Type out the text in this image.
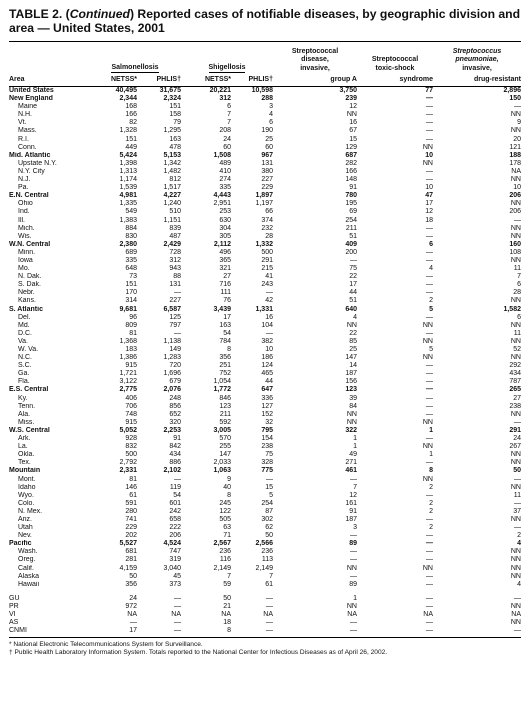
TABLE 2. (Continued) Reported cases of notifiable diseases, by geographic division and area — United States, 2001
					Streptococcal		Streptococcus
					disease,	Streptococcal	pneumoniae,
	Salmonellosis		Shigellosis		invasive,	toxic-shock	invasive,
Area	NETSS*	PHLIS†	NETSS*	PHLIS†	group A	syndrome	drug-resistant
United States	40,495	31,675	20,221	10,598	3,750	77	2,896
New England	2,344	2,324	312	288	239	—	150
Maine	168	151	6	3	12	—	—
N.H.	166	158	7	4	NN	—	NN
Vt.	82	79	7	6	16	—	9
Mass.	1,328	1,295	208	190	67	—	NN
R.I.	151	163	24	25	15	—	20
Conn.	449	478	60	60	129	NN	121
Mid. Atlantic	5,424	5,153	1,508	967	687	10	188
Upstate N.Y.	1,398	1,342	489	131	282	NN	178
N.Y. City	1,313	1,482	410	380	166	—	NA
N.J.	1,174	812	274	227	148	—	NN
Pa.	1,539	1,517	335	229	91	10	10
E.N. Central	4,981	4,227	4,443	1,897	780	47	206
Ohio	1,335	1,240	2,951	1,197	195	17	NN
Ind.	549	510	253	66	69	12	206
Ill.	1,383	1,151	630	374	254	18	—
Mich.	884	839	304	232	211	—	NN
Wis.	830	487	305	28	51	—	NN
W.N. Central	2,380	2,429	2,112	1,332	409	6	160
Minn.	689	728	496	500	200	—	108
Iowa	335	312	365	291	—	—	NN
Mo.	648	943	321	215	75	4	11
N. Dak.	73	88	27	41	22	—	7
S. Dak.	151	131	716	243	17	—	6
Nebr.	170	—	111	—	44	—	28
Kans.	314	227	76	42	51	2	NN
S. Atlantic	9,681	6,587	3,439	1,331	640	5	1,582
Del.	96	125	17	16	4	—	6
Md.	809	797	163	104	NN	NN	NN
D.C.	81	—	54	—	22	—	11
Va.	1,368	1,138	784	382	85	NN	NN
W. Va.	183	149	8	10	25	5	52
N.C.	1,386	1,283	356	186	147	NN	NN
S.C.	915	720	251	124	14	—	292
Ga.	1,721	1,696	752	465	187	—	434
Fla.	3,122	679	1,054	44	156	—	787
E.S. Central	2,775	2,076	1,772	647	123	—	265
Ky.	406	248	846	336	39	—	27
Tenn.	706	856	123	127	84	—	238
Ala.	748	652	211	152	NN	—	NN
Miss.	915	320	592	32	NN	NN	—
W.S. Central	5,052	2,253	3,005	795	322	1	291
Ark.	928	91	570	154	1	—	24
La.	832	842	255	238	1	NN	267
Okla.	500	434	147	75	49	1	NN
Tex.	2,792	886	2,033	328	271	—	NN
Mountain	2,331	2,102	1,063	775	461	8	50
Mont.	81	—	9	—	—	NN	—
Idaho	146	119	40	15	7	2	NN
Wyo.	61	54	8	5	12	—	11
Colo.	591	601	245	254	161	2	—
N. Mex.	280	242	122	87	91	2	37
Ariz.	741	658	505	302	187	—	NN
Utah	229	222	63	62	3	2	—
Nev.	202	206	71	50	—	—	2
Pacific	5,527	4,524	2,567	2,566	89	—	4
Wash.	681	747	236	236	—	—	NN
Oreg.	281	319	116	113	—	—	NN
Calif.	4,159	3,040	2,149	2,149	NN	NN	NN
Alaska	50	45	7	7	—	—	NN
Hawaii	356	373	59	61	89	—	4

GU	24	—	50	—	1	—	—
PR	972	—	21	—	NN	—	NN
VI	NA	NA	NA	NA	NA	NA	NA
AS	—	—	18	—	—	—	NN
CNMI	17	—	8	—	—	—	—
* National Electronic Telecommunications System for Surveillance.
† Public Health Laboratory Information System. Totals reported to the National Center for Infectious Diseases as of April 26, 2002.
